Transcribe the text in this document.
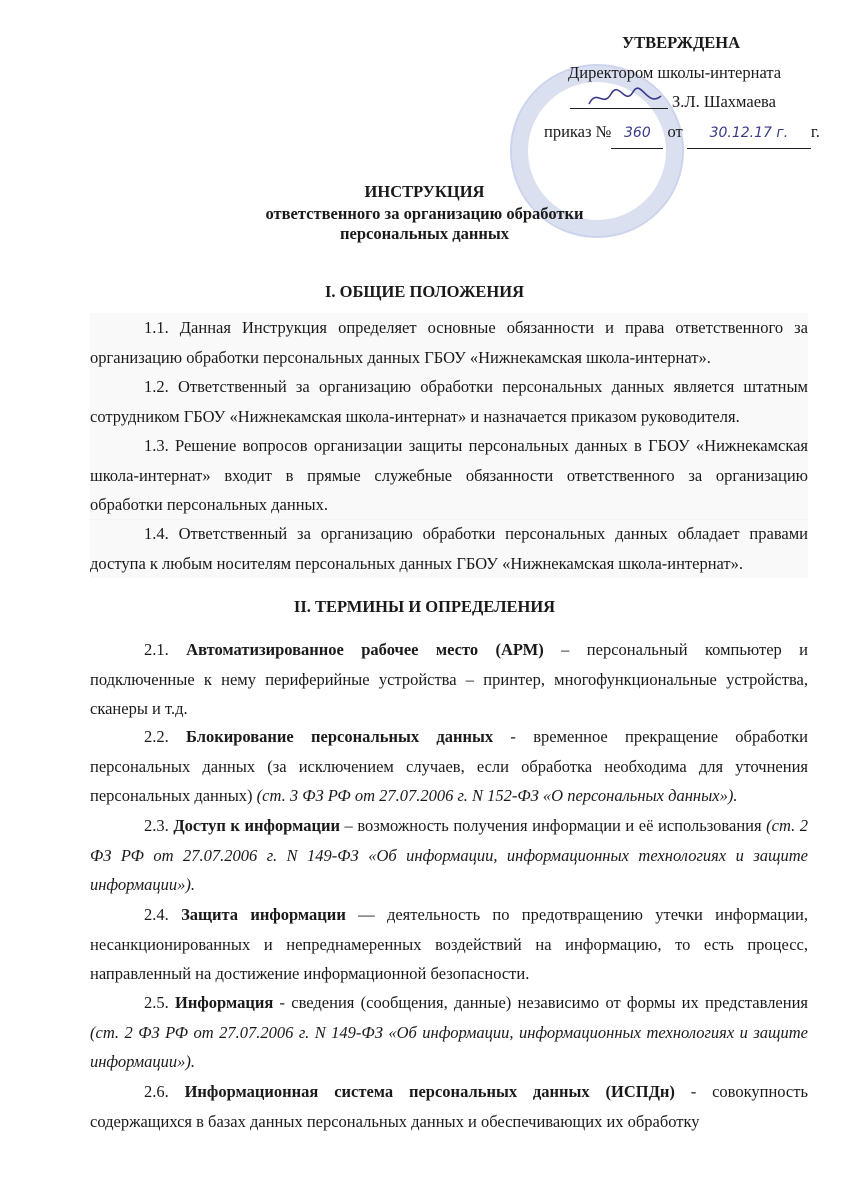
УТВЕРЖДЕНА
Директором школы-интерната
З.Л. Шахмаева
приказ № 360 от 30.12.17 г. г.
ИНСТРУКЦИЯ
ответственного за организацию обработки
персональных данных
I. ОБЩИЕ ПОЛОЖЕНИЯ
1.1. Данная Инструкция определяет основные обязанности и права ответственного за организацию обработки персональных данных ГБОУ «Нижнекамская школа-интернат».
1.2. Ответственный за организацию обработки персональных данных является штатным сотрудником ГБОУ «Нижнекамская школа-интернат» и назначается приказом руководителя.
1.3. Решение вопросов организации защиты персональных данных в ГБОУ «Нижнекамская школа-интернат» входит в прямые служебные обязанности ответственного за организацию обработки персональных данных.
1.4. Ответственный за организацию обработки персональных данных обладает правами доступа к любым носителям персональных данных ГБОУ «Нижнекамская школа-интернат».
II. ТЕРМИНЫ И ОПРЕДЕЛЕНИЯ
2.1. Автоматизированное рабочее место (АРМ) – персональный компьютер и подключенные к нему периферийные устройства – принтер, многофункциональные устройства, сканеры и т.д.
2.2. Блокирование персональных данных - временное прекращение обработки персональных данных (за исключением случаев, если обработка необходима для уточнения персональных данных) (ст. 3 ФЗ РФ от 27.07.2006 г. N 152-ФЗ «О персональных данных»).
2.3. Доступ к информации – возможность получения информации и её использования (ст. 2 ФЗ РФ от 27.07.2006 г. N 149-ФЗ «Об информации, информационных технологиях и защите информации»).
2.4. Защита информации — деятельность по предотвращению утечки информации, несанкционированных и непреднамеренных воздействий на информацию, то есть процесс, направленный на достижение информационной безопасности.
2.5. Информация - сведения (сообщения, данные) независимо от формы их представления (ст. 2 ФЗ РФ от 27.07.2006 г. N 149-ФЗ «Об информации, информационных технологиях и защите информации»).
2.6. Информационная система персональных данных (ИСПДн) - совокупность содержащихся в базах данных персональных данных и обеспечивающих их обработку
